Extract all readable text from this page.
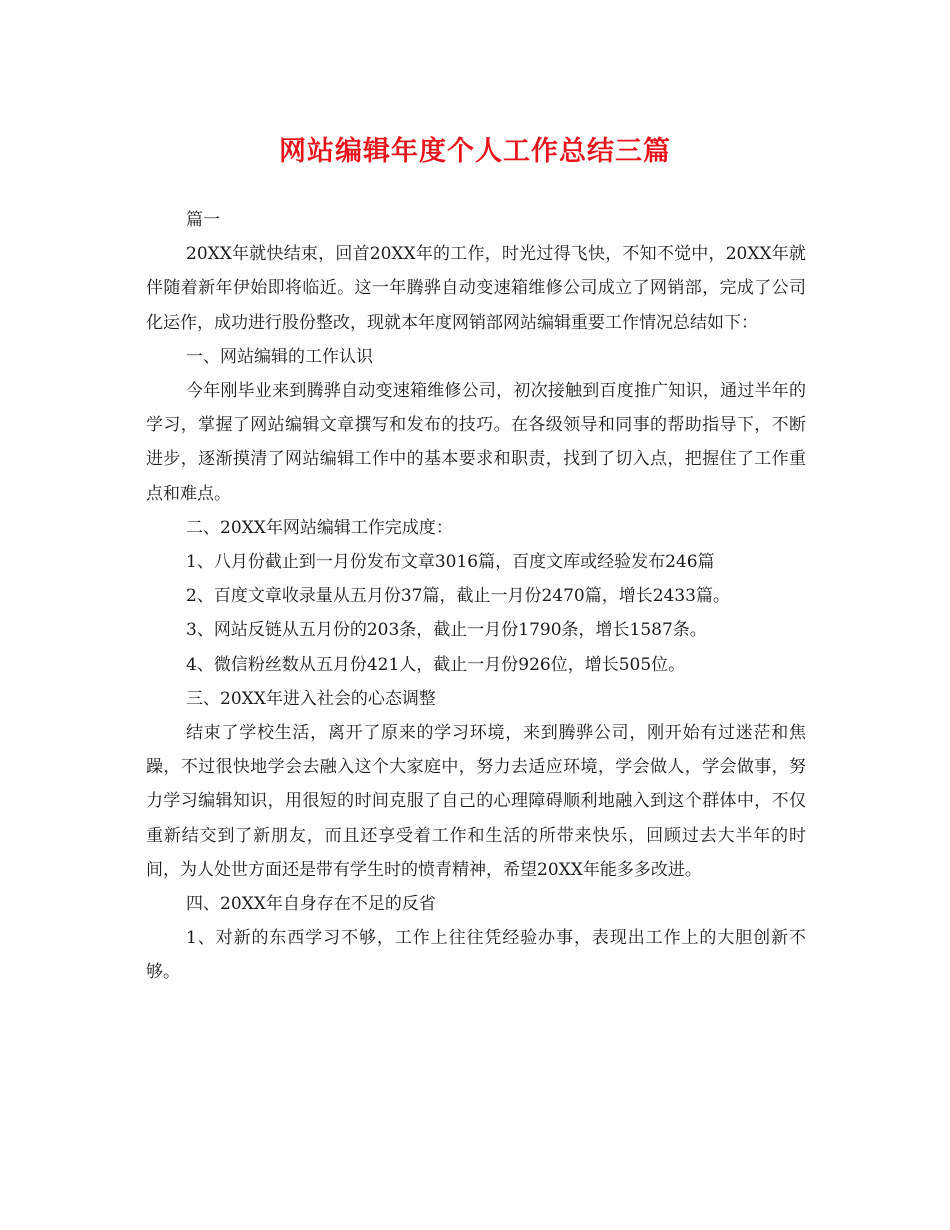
网站编辑年度个人工作总结三篇

篇一

20XX年就快结束，回首20XX年的工作，时光过得飞快，不知不觉中，20XX年就伴随着新年伊始即将临近。这一年腾骅自动变速箱维修公司成立了网销部，完成了公司化运作，成功进行股份整改，现就本年度网销部网站编辑重要工作情况总结如下：

一、网站编辑的工作认识

今年刚毕业来到腾骅自动变速箱维修公司，初次接触到百度推广知识，通过半年的学习，掌握了网站编辑文章撰写和发布的技巧。在各级领导和同事的帮助指导下，不断进步，逐渐摸清了网站编辑工作中的基本要求和职责，找到了切入点，把握住了工作重点和难点。

二、20XX年网站编辑工作完成度：

1、八月份截止到一月份发布文章3016篇，百度文库或经验发布246篇

2、百度文章收录量从五月份37篇，截止一月份2470篇，增长2433篇。

3、网站反链从五月份的203条，截止一月份1790条，增长1587条。

4、微信粉丝数从五月份421人，截止一月份926位，增长505位。

三、20XX年进入社会的心态调整

结束了学校生活，离开了原来的学习环境，来到腾骅公司，刚开始有过迷茫和焦躁，不过很快地学会去融入这个大家庭中，努力去适应环境，学会做人，学会做事，努力学习编辑知识，用很短的时间克服了自己的心理障碍顺利地融入到这个群体中，不仅重新结交到了新朋友，而且还享受着工作和生活的所带来快乐，回顾过去大半年的时间，为人处世方面还是带有学生时的愤青精神，希望20XX年能多多改进。

四、20XX年自身存在不足的反省

1、对新的东西学习不够，工作上往往凭经验办事，表现出工作上的大胆创新不够。
